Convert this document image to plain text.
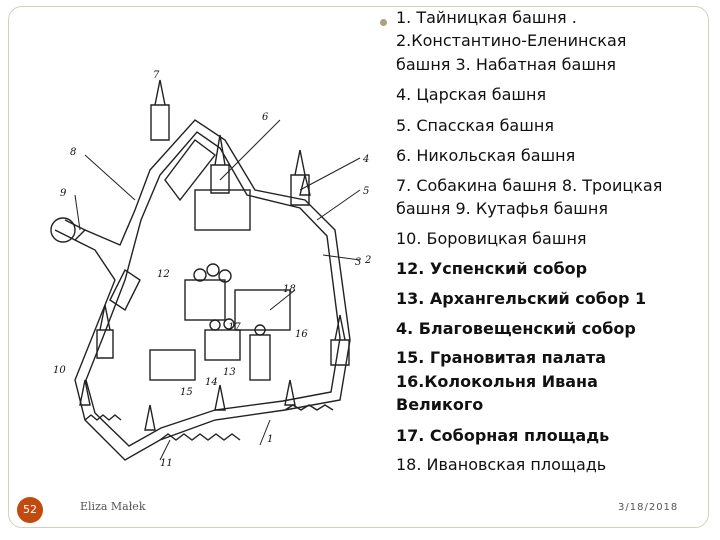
1
2
5
4
6
7
8
9
10
11
12
13
14
15
16
17
18
3
1. Тайницкая башня .
2.Константино-Еленинская
башня 3. Набатная башня
4. Царская башня
5. Спасская башня
6. Никольская башня
7. Собакина башня 8. Троицкая
башня 9. Кутафья башня
10. Боровицкая башня
12. Успенский собор
13. Архангельский собор 1
4. Благовещенский собор
15. Грановитая палата
16.Колокольня Ивана
Великого
17. Соборная площадь
18. Ивановская площадь
52	Eliza Małek	3/18/2018
